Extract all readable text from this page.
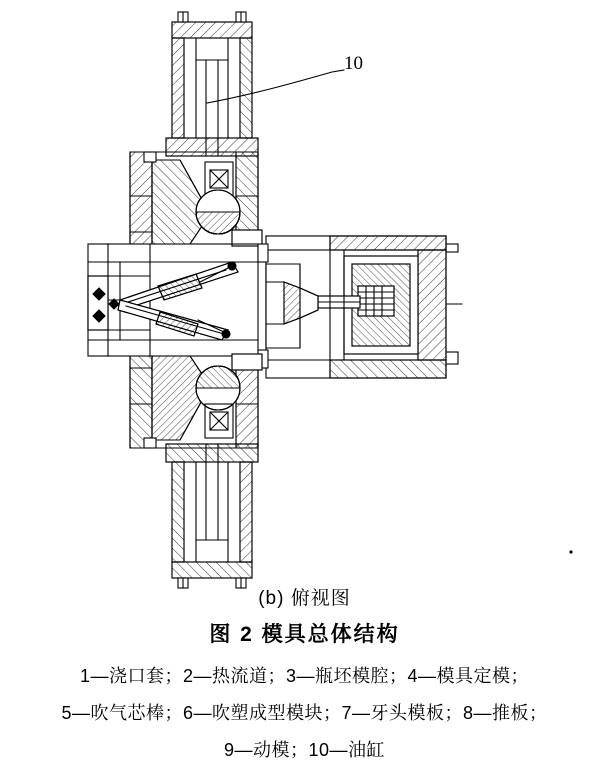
10
(b) 俯视图
图 2 模具总体结构
1—浇口套；2—热流道；3—瓶坯模腔；4—模具定模；
5—吹气芯棒；6—吹塑成型模块；7—牙头模板；8—推板；
9—动模；10—油缸
